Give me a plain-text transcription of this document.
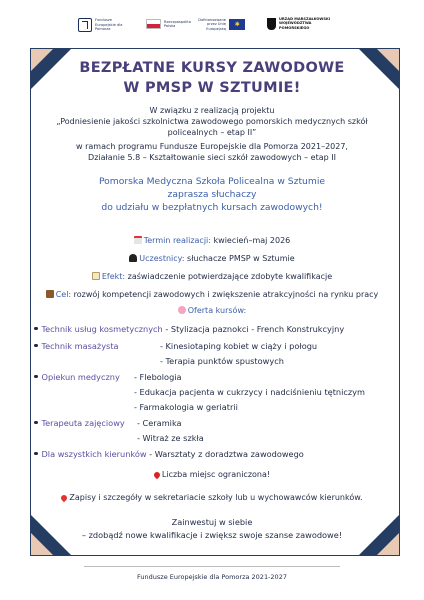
Fundusze Europejskie dla Pomorza
Rzeczpospolita Polska
Dofinansowane przez Unię Europejską
✱
URZĄD MARSZAŁKOWSKI WOJEWÓDZTWA POMORSKIEGO
BEZPŁATNE KURSY ZAWODOWE
W PMSP W SZTUMIE!
W związku z realizacją projektu
„Podniesienie jakości szkolnictwa zawodowego pomorskich medycznych szkół
policealnych – etap II”
w ramach programu Fundusze Europejskie dla Pomorza 2021–2027,
Działanie 5.8 – Kształtowanie sieci szkół zawodowych – etap II
Pomorska Medyczna Szkoła Policealna w Sztumie
zaprasza słuchaczy
do udziału w bezpłatnych kursach zawodowych!
Termin realizacji: kwiecień–maj 2026
Uczestnicy: słuchacze PMSP w Sztumie
Efekt: zaświadczenie potwierdzające zdobyte kwalifikacje
Cel: rozwój kompetencji zawodowych i zwiększenie atrakcyjności na rynku pracy
Oferta kursów:
Technik usług kosmetycznych - Stylizacja paznokci - French Konstrukcyjny
Technik masażysta	- Kinesiotaping kobiet w ciąży i połogu
- Terapia punktów spustowych
Opiekun medyczny - Flebologia
- Edukacja pacjenta w cukrzycy i nadciśnieniu tętniczym
- Farmakologia w geriatrii
Terapeuta zajęciowy - Ceramika
- Witraż ze szkła
Dla wszystkich kierunków - Warsztaty z doradztwa zawodowego
Liczba miejsc ograniczona!
Zapisy i szczegóły w sekretariacie szkoły lub u wychowawców kierunków.
Zainwestuj w siebie
– zdobądź nowe kwalifikacje i zwiększ swoje szanse zawodowe!
Fundusze Europejskie dla Pomorza 2021-2027
